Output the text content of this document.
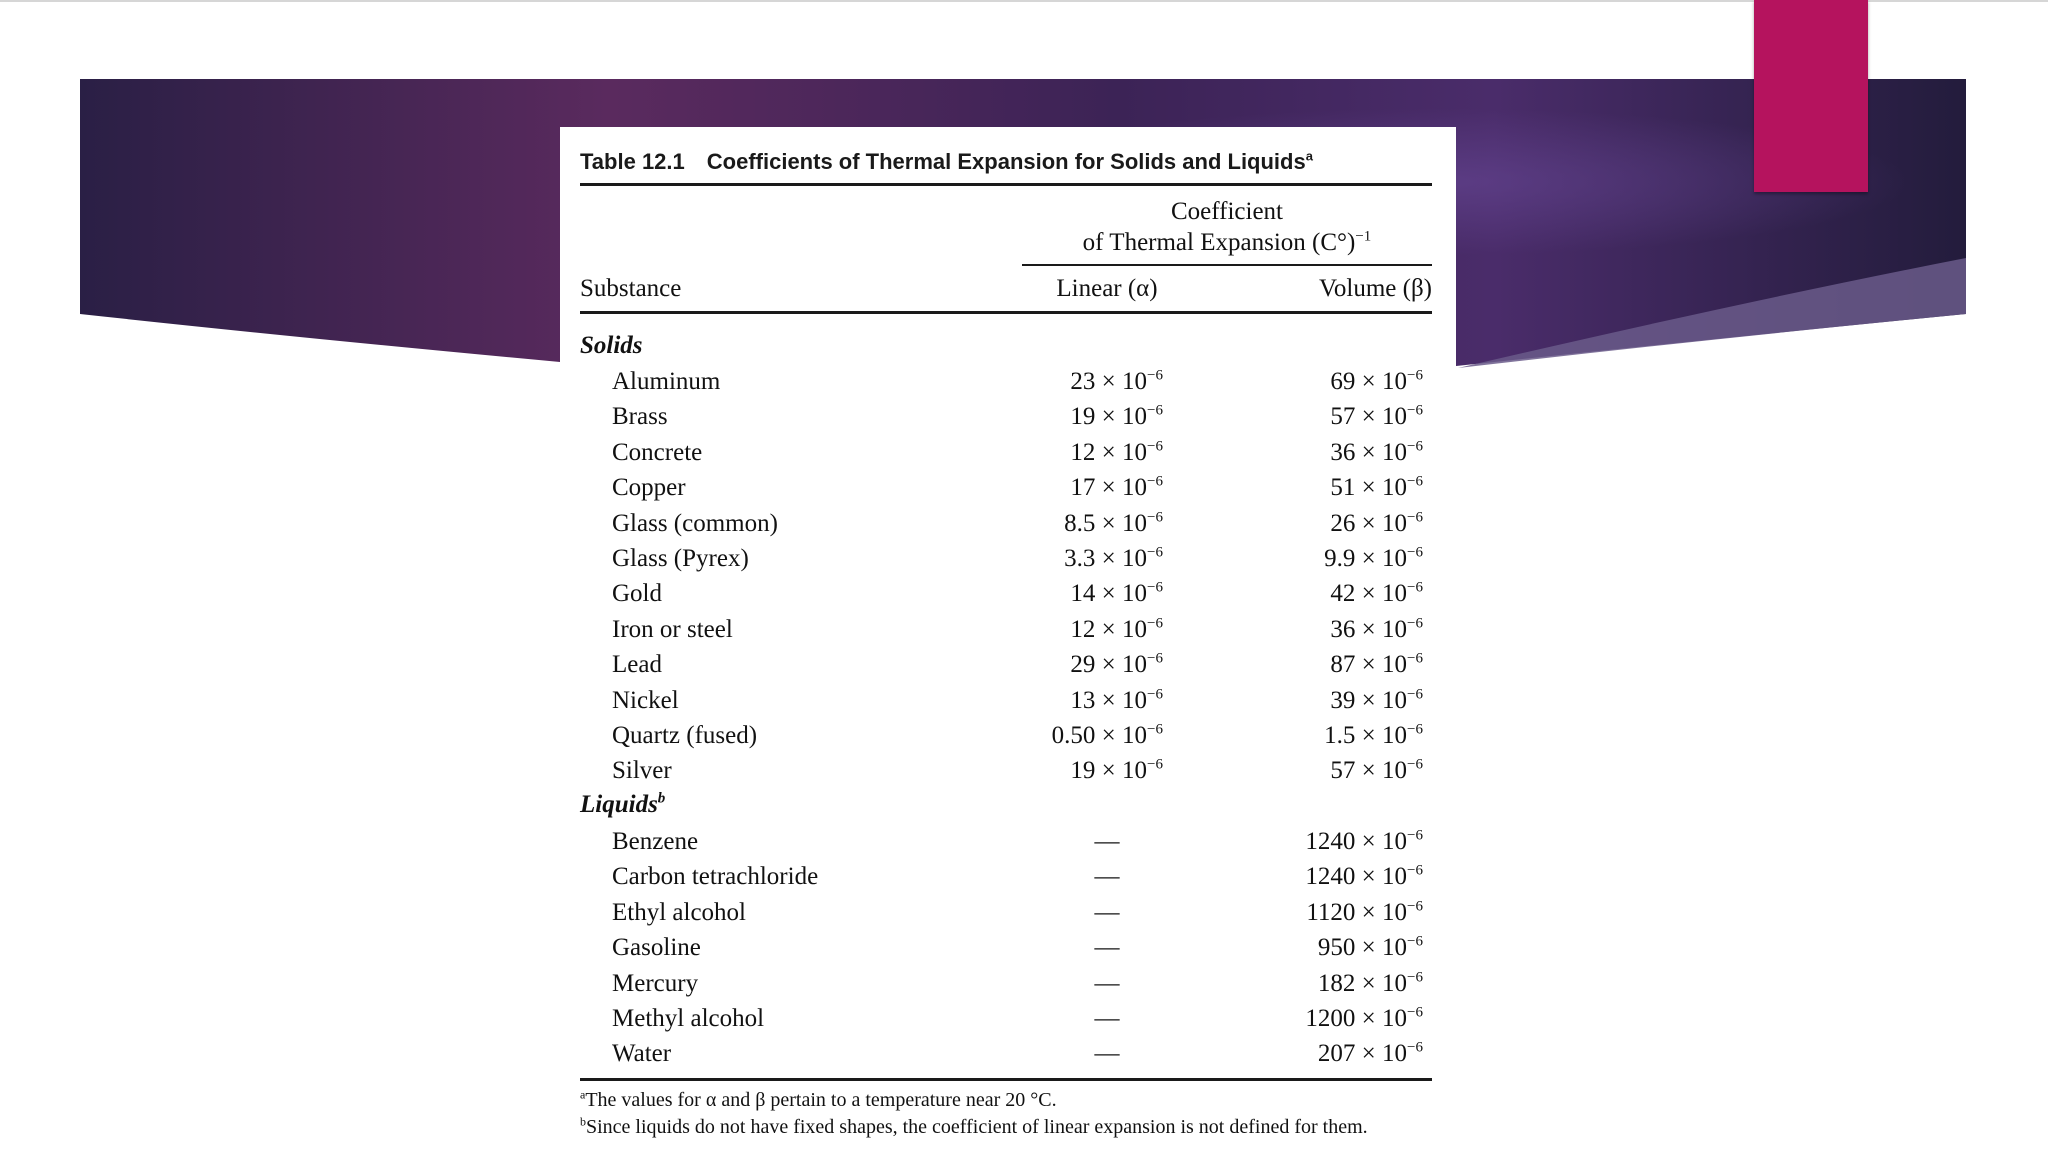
Table 12.1 Coefficients of Thermal Expansion for Solids and Liquids$^a$
Coefficient
of Thermal Expansion $(C^\circ)^{-1}$
Substance	Linear (α)	Volume (β)
Solids
Aluminum	$23 \times 10^{-6}$	$69 \times 10^{-6}$
Brass	$19 \times 10^{-6}$	$57 \times 10^{-6}$
Concrete	$12 \times 10^{-6}$	$36 \times 10^{-6}$
Copper	$17 \times 10^{-6}$	$51 \times 10^{-6}$
Glass (common)	$8.5 \times 10^{-6}$	$26 \times 10^{-6}$
Glass (Pyrex)	$3.3 \times 10^{-6}$	$9.9 \times 10^{-6}$
Gold	$14 \times 10^{-6}$	$42 \times 10^{-6}$
Iron or steel	$12 \times 10^{-6}$	$36 \times 10^{-6}$
Lead	$29 \times 10^{-6}$	$87 \times 10^{-6}$
Nickel	$13 \times 10^{-6}$	$39 \times 10^{-6}$
Quartz (fused)	$0.50 \times 10^{-6}$	$1.5 \times 10^{-6}$
Silver	$19 \times 10^{-6}$	$57 \times 10^{-6}$
Liquids$^b$
Benzene	—	$1240 \times 10^{-6}$
Carbon tetrachloride	—	$1240 \times 10^{-6}$
Ethyl alcohol	—	$1120 \times 10^{-6}$
Gasoline	—	$950 \times 10^{-6}$
Mercury	—	$182 \times 10^{-6}$
Methyl alcohol	—	$1200 \times 10^{-6}$
Water	—	$207 \times 10^{-6}$
$^a$The values for α and β pertain to a temperature near 20 °C.
$^b$Since liquids do not have fixed shapes, the coefficient of linear expansion is not defined for them.
